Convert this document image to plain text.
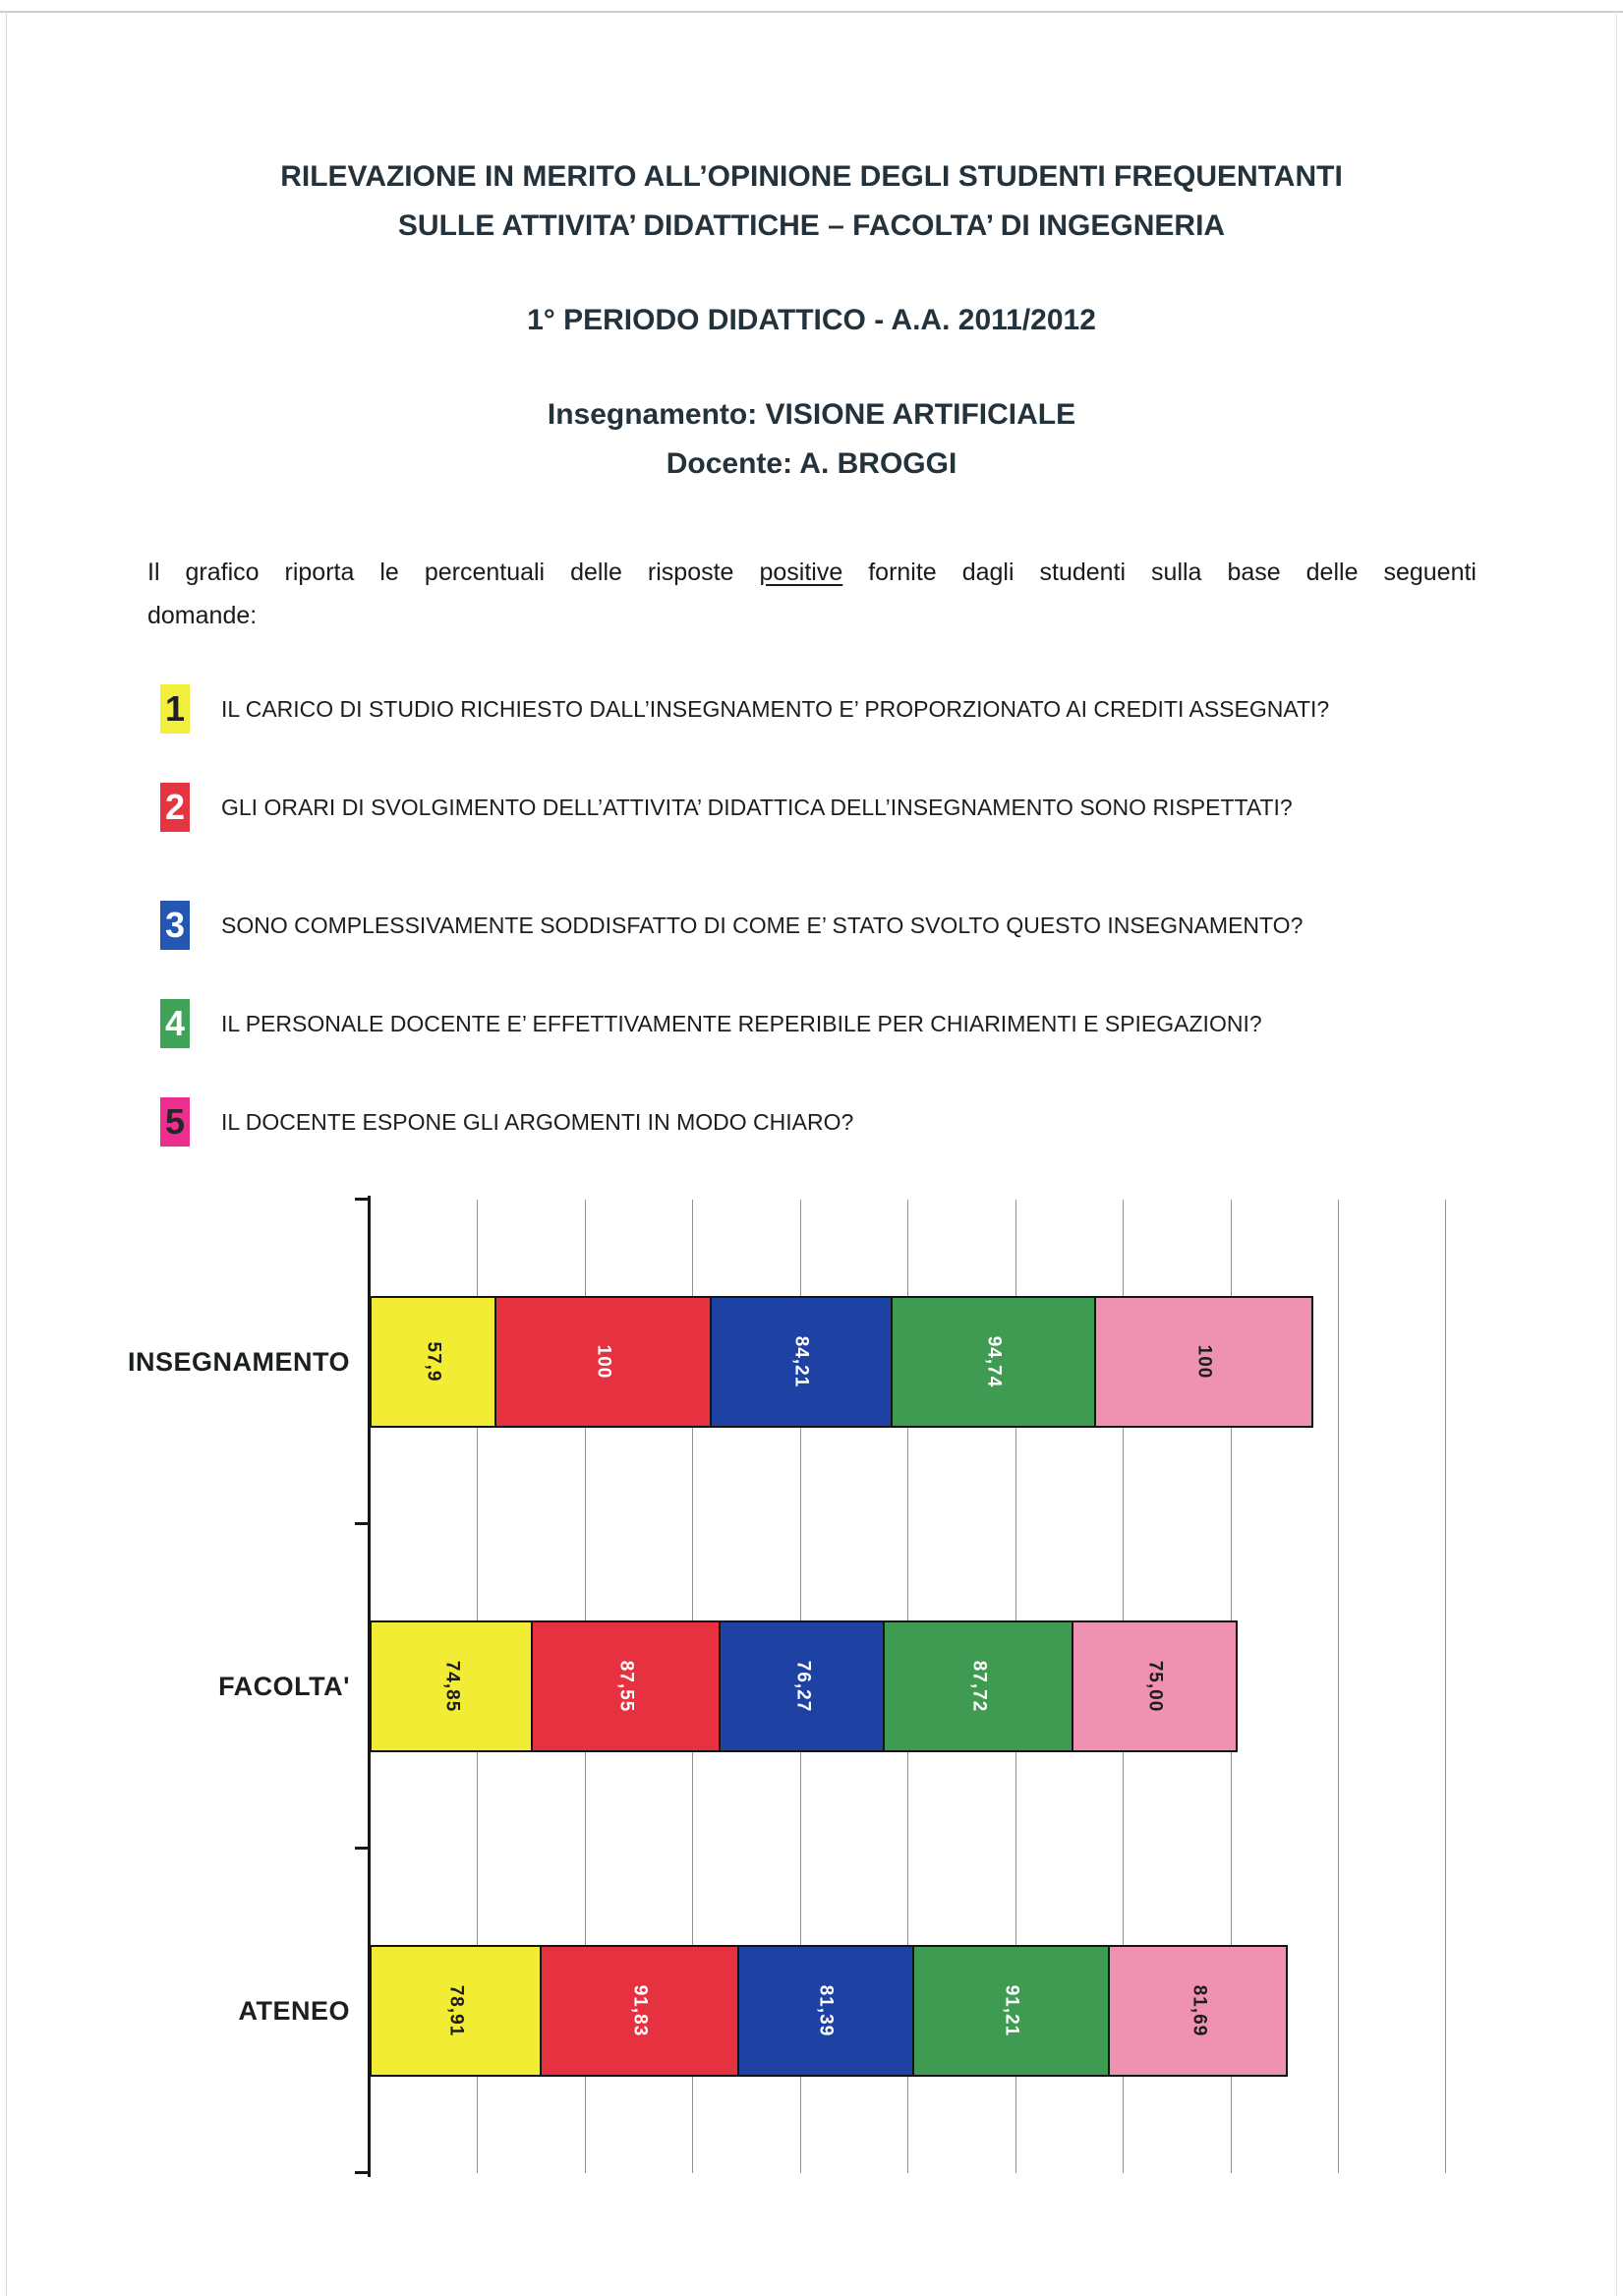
RILEVAZIONE IN MERITO ALL’OPINIONE DEGLI STUDENTI FREQUENTANTI
SULLE ATTIVITA’ DIDATTICHE – FACOLTA’ DI INGEGNERIA
1° PERIODO DIDATTICO - A.A. 2011/2012
Insegnamento: VISIONE ARTIFICIALE
Docente: A. BROGGI
Il grafico riporta le percentuali delle risposte positive fornite dagli studenti sulla base delle seguenti
domande:
1 IL CARICO DI STUDIO RICHIESTO DALL’INSEGNAMENTO E’ PROPORZIONATO AI CREDITI ASSEGNATI?
2 GLI ORARI DI SVOLGIMENTO DELL’ATTIVITA’ DIDATTICA DELL’INSEGNAMENTO SONO RISPETTATI?
3 SONO COMPLESSIVAMENTE SODDISFATTO DI COME E’ STATO SVOLTO QUESTO INSEGNAMENTO?
4 IL PERSONALE DOCENTE E’ EFFETTIVAMENTE REPERIBILE PER CHIARIMENTI E SPIEGAZIONI?
5 IL DOCENTE ESPONE GLI ARGOMENTI IN MODO CHIARO?
INSEGNAMENTO	57,9	100	84,21	94,74	100
FACOLTA'	74,85	87,55	76,27	87,72	75,00
ATENEO	78,91	91,83	81,39	91,21	81,69
